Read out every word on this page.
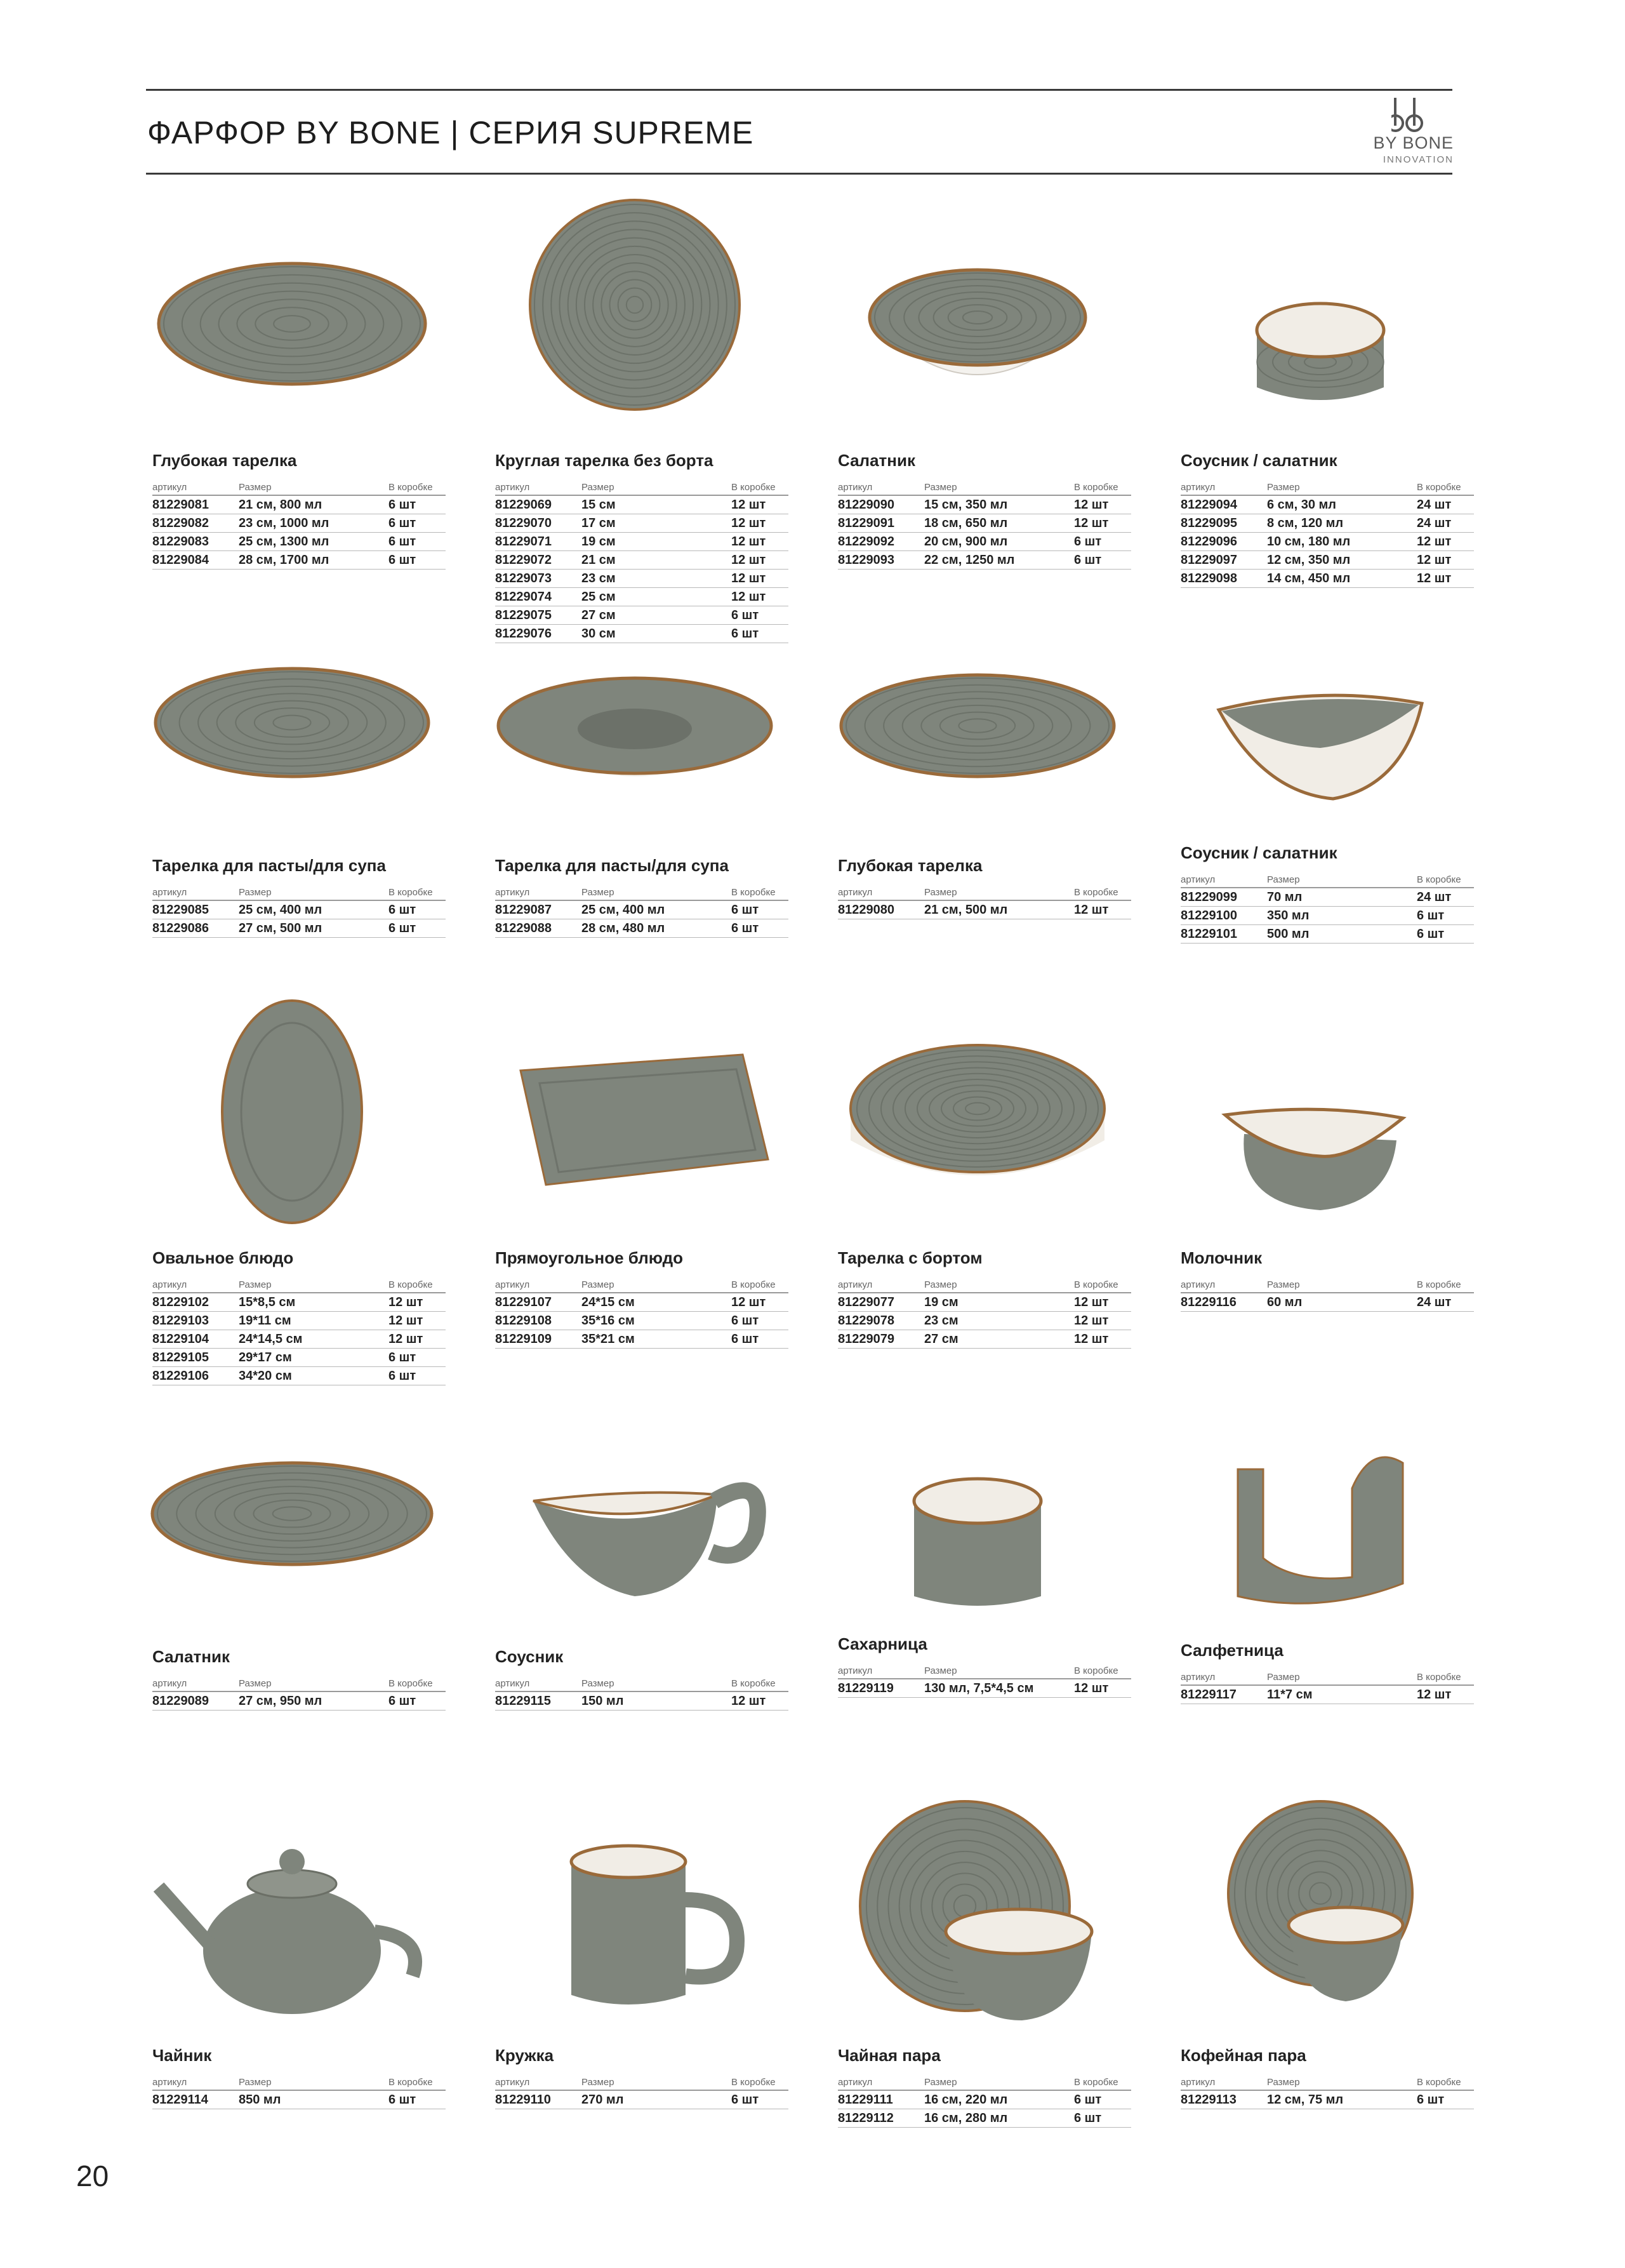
ФАРФОР BY BONE | СЕРИЯ SUPREME	BY BONE
INNOVATION
Глубокая тарелка
артикул	Размер	В коробке
81229081	21 см, 800 мл	6 шт
81229082	23 см, 1000 мл	6 шт
81229083	25 см, 1300 мл	6 шт
81229084	28 см, 1700 мл	6 шт
Круглая тарелка без борта
артикул	Размер	В коробке
81229069	15 см	12 шт
81229070	17 см	12 шт
81229071	19 см	12 шт
81229072	21 см	12 шт
81229073	23 см	12 шт
81229074	25 см	12 шт
81229075	27 см	6 шт
81229076	30 см	6 шт
Салатник
артикул	Размер	В коробке
81229090	15 см, 350 мл	12 шт
81229091	18 см, 650 мл	12 шт
81229092	20 см, 900 мл	6 шт
81229093	22 см, 1250 мл	6 шт
Соусник / салатник
артикул	Размер	В коробке
81229094	6 см, 30 мл	24 шт
81229095	8 см, 120 мл	24 шт
81229096	10 см, 180 мл	12 шт
81229097	12 см, 350 мл	12 шт
81229098	14 см, 450 мл	12 шт
Тарелка для пасты/для супа
артикул	Размер	В коробке
81229085	25 см, 400 мл	6 шт
81229086	27 см, 500 мл	6 шт
Тарелка для пасты/для супа
артикул	Размер	В коробке
81229087	25 см, 400 мл	6 шт
81229088	28 см, 480 мл	6 шт
Глубокая тарелка
артикул	Размер	В коробке
81229080	21 см, 500 мл	12 шт
Соусник / салатник
артикул	Размер	В коробке
81229099	70 мл	24 шт
81229100	350 мл	6 шт
81229101	500 мл	6 шт
Овальное блюдо
артикул	Размер	В коробке
81229102	15*8,5 см	12 шт
81229103	19*11 см	12 шт
81229104	24*14,5 см	12 шт
81229105	29*17 см	6 шт
81229106	34*20 см	6 шт
Прямоугольное блюдо
артикул	Размер	В коробке
81229107	24*15 см	12 шт
81229108	35*16 см	6 шт
81229109	35*21 см	6 шт
Тарелка с бортом
артикул	Размер	В коробке
81229077	19 см	12 шт
81229078	23 см	12 шт
81229079	27 см	12 шт
Молочник
артикул	Размер	В коробке
81229116	60 мл	24 шт
Салатник
артикул	Размер	В коробке
81229089	27 см, 950 мл	6 шт
Соусник
артикул	Размер	В коробке
81229115	150 мл	12 шт
Сахарница
артикул	Размер	В коробке
81229119	130 мл, 7,5*4,5 см	12 шт
Салфетница
артикул	Размер	В коробке
81229117	11*7 см	12 шт
Чайник
артикул	Размер	В коробке
81229114	850 мл	6 шт
Кружка
артикул	Размер	В коробке
81229110	270 мл	6 шт
Чайная пара
артикул	Размер	В коробке
81229111	16 см, 220 мл	6 шт
81229112	16 см, 280 мл	6 шт
Кофейная пара
артикул	Размер	В коробке
81229113	12 см, 75 мл	6 шт
20
